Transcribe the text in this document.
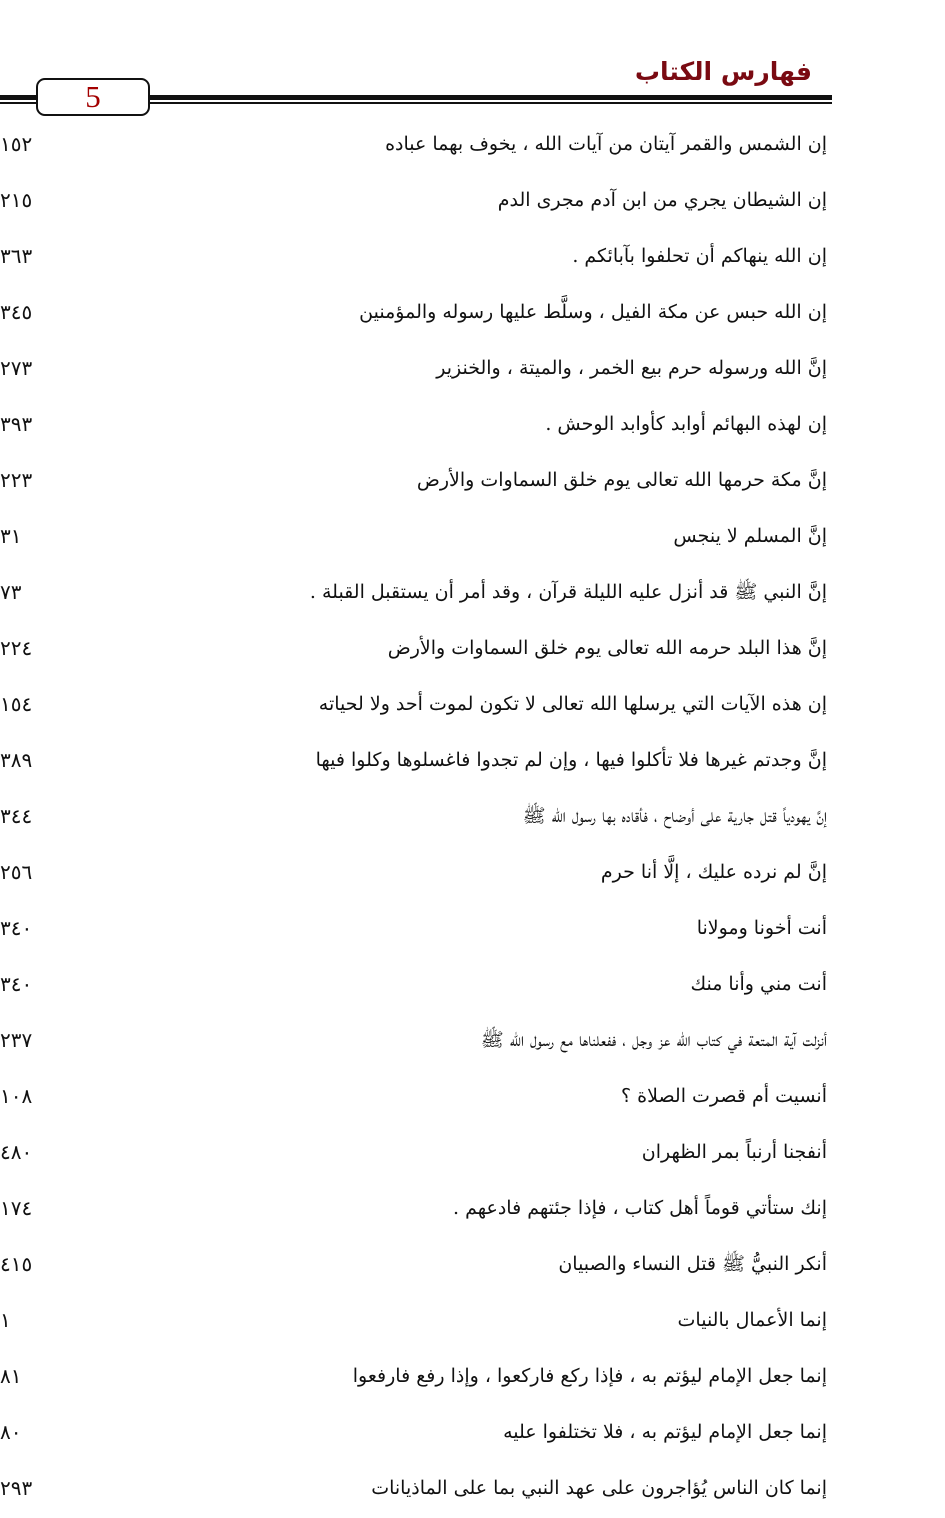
فهارس الكتاب
5
إن الشمس والقمر آيتان من آيات الله ، يخوف بهما عباده
١٥٢
إن الشيطان يجري من ابن آدم مجرى الدم
٢١٥
إن الله ينهاكم أن تحلفوا بآبائكم .
٣٦٣
إن الله حبس عن مكة الفيل ، وسلَّط عليها رسوله والمؤمنين
٣٤٥
إنَّ الله ورسوله حرم بيع الخمر ، والميتة ، والخنزير
٢٧٣
إن لهذه البهائم أوابد كأوابد الوحش .
٣٩٣
إنَّ مكة حرمها الله تعالى يوم خلق السماوات والأرض
٢٢٣
إنَّ المسلم لا ينجس
٣١
إنَّ النبي ﷺ قد أنزل عليه الليلة قرآن ، وقد أمر أن يستقبل القبلة .
٧٣
إنَّ هذا البلد حرمه الله تعالى يوم خلق السماوات والأرض
٢٢٤
إن هذه الآيات التي يرسلها الله تعالى لا تكون لموت أحد ولا لحياته
١٥٤
إنَّ وجدتم غيرها فلا تأكلوا فيها ، وإن لم تجدوا فاغسلوها وكلوا فيها
٣٨٩
إنَّ يهودياً قتل جارية على أوضاح ، فأقاده بها رسول الله ﷺ
٣٤٤
إنَّ لم نرده عليك ، إلَّا أنا حرم
٢٥٦
أنت أخونا ومولانا
٣٤٠
أنت مني وأنا منك
٣٤٠
أنزلت آية المتعة في كتاب الله عز وجل ، ففعلناها مع رسول الله ﷺ
٢٣٧
أنسيت أم قصرت الصلاة ؟
١٠٨
أنفجنا أرنباً بمر الظهران
٤٨٠
إنك ستأتي قوماً أهل كتاب ، فإذا جئتهم فادعهم .
١٧٤
أنكر النبيُّ ﷺ قتل النساء والصبيان
٤١٥
إنما الأعمال بالنيات
١
إنما جعل الإمام ليؤتم به ، فإذا ركع فاركعوا ، وإذا رفع فارفعوا
٨١
إنما جعل الإمام ليؤتم به ، فلا تختلفوا عليه
٨٠
إنما كان الناس يُؤاجرون على عهد النبي بما على الماذيانات
٢٩٣
